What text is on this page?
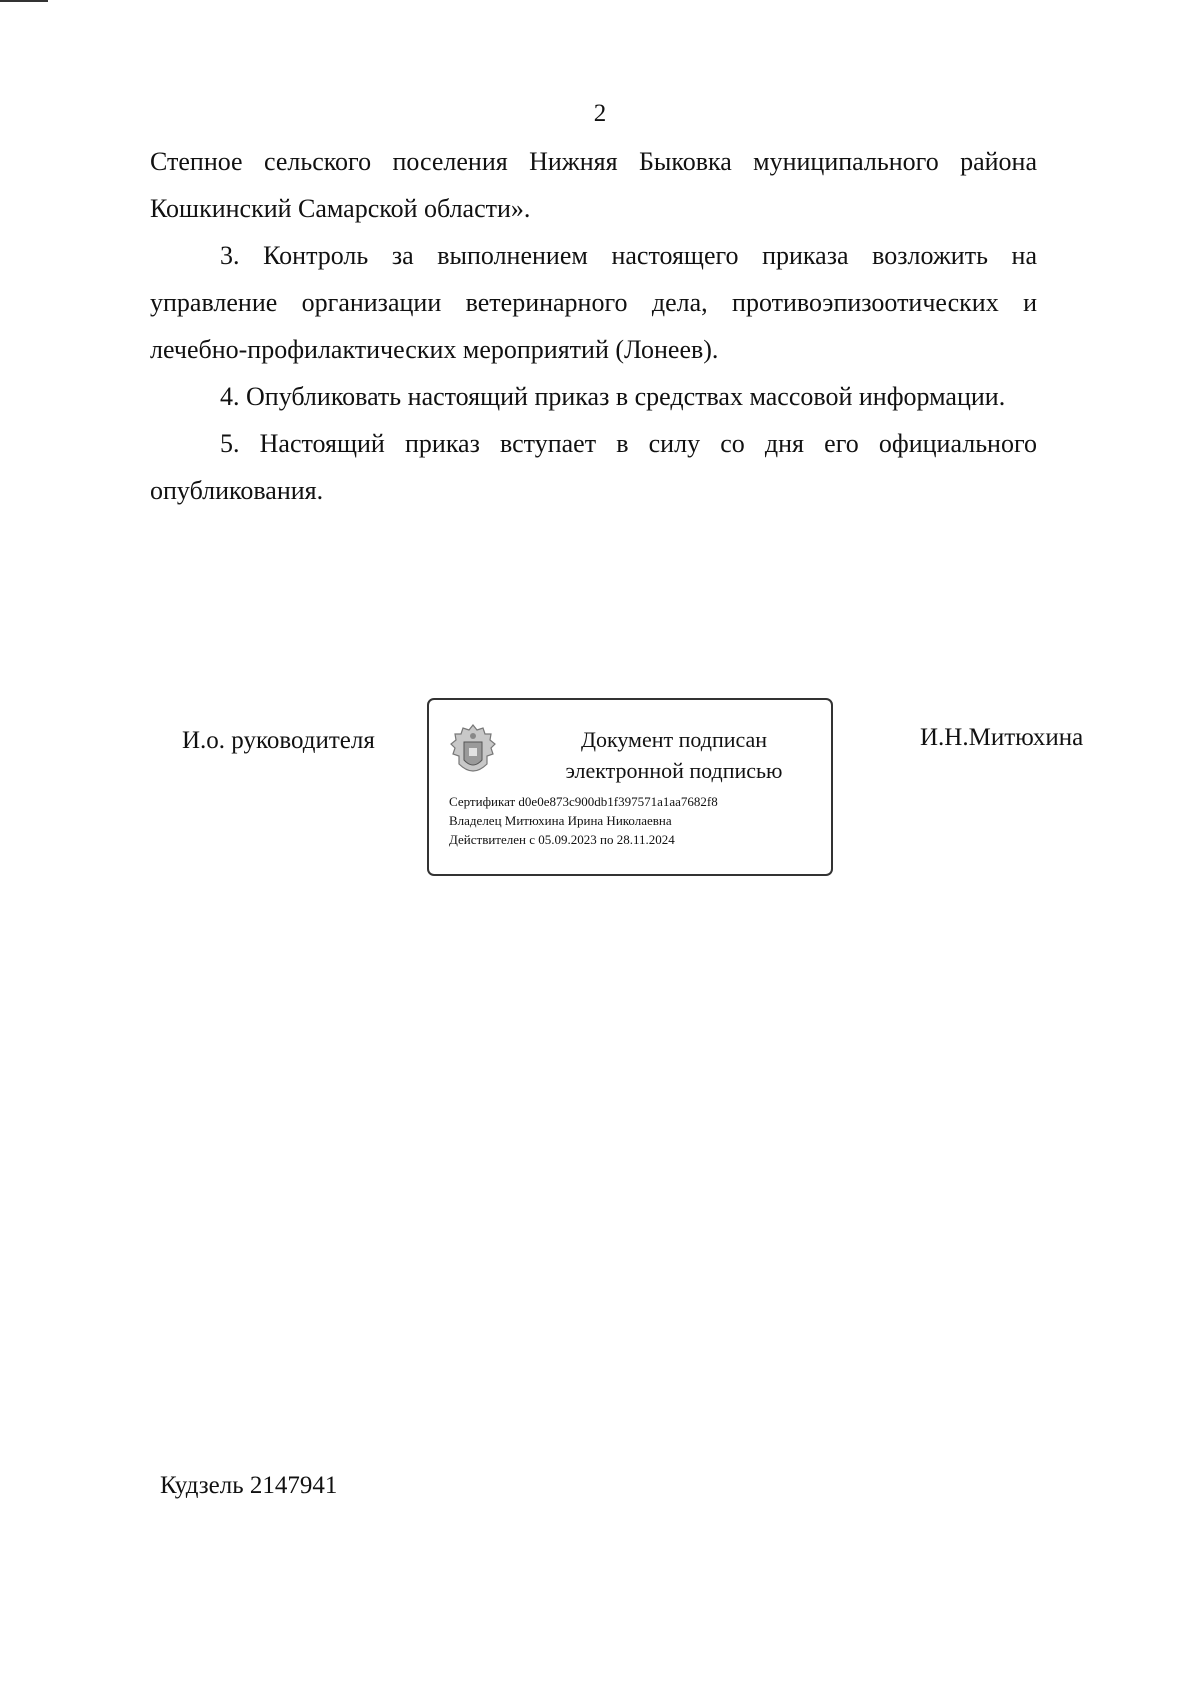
2

Степное сельского поселения Нижняя Быковка муниципального района Кошкинский Самарской области».

3. Контроль за выполнением настоящего приказа возложить на управление организации ветеринарного дела, противоэпизоотических и лечебно-профилактических мероприятий (Лонеев).

4. Опубликовать настоящий приказ в средствах массовой информации.

5. Настоящий приказ вступает в силу со дня его официального опубликования.

И.о. руководителя	Документ подписан
электронной подписью
Сертификат d0e0e873c900db1f397571a1aa7682f8
Владелец Митюхина Ирина Николаевна
Действителен с 05.09.2023 по 28.11.2024
И.Н.Митюхина
Кудзель 2147941
